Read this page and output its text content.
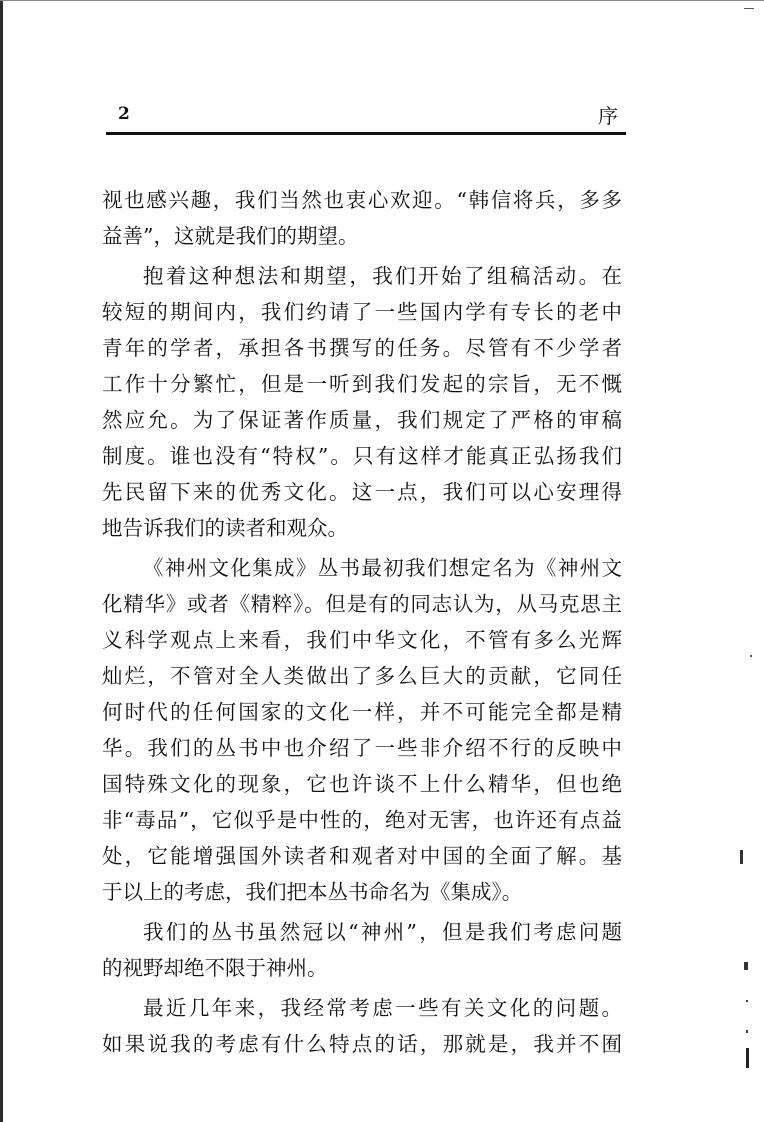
2	序
视也感兴趣，我们当然也衷心欢迎。“韩信将兵，多多
益善”，这就是我们的期望。
抱着这种想法和期望，我们开始了组稿活动。在
较短的期间内，我们约请了一些国内学有专长的老中
青年的学者，承担各书撰写的任务。尽管有不少学者
工作十分繁忙，但是一听到我们发起的宗旨，无不慨
然应允。为了保证著作质量，我们规定了严格的审稿
制度。谁也没有“特权”。只有这样才能真正弘扬我们
先民留下来的优秀文化。这一点，我们可以心安理得
地告诉我们的读者和观众。
《神州文化集成》丛书最初我们想定名为《神州文
化精华》或者《精粹》。但是有的同志认为，从马克思主
义科学观点上来看，我们中华文化，不管有多么光辉
灿烂，不管对全人类做出了多么巨大的贡献，它同任
何时代的任何国家的文化一样，并不可能完全都是精
华。我们的丛书中也介绍了一些非介绍不行的反映中
国特殊文化的现象，它也许谈不上什么精华，但也绝
非“毒品”，它似乎是中性的，绝对无害，也许还有点益
处，它能增强国外读者和观者对中国的全面了解。基
于以上的考虑，我们把本丛书命名为《集成》。
我们的丛书虽然冠以“神州”，但是我们考虑问题
的视野却绝不限于神州。
最近几年来，我经常考虑一些有关文化的问题。
如果说我的考虑有什么特点的话，那就是，我并不囿
